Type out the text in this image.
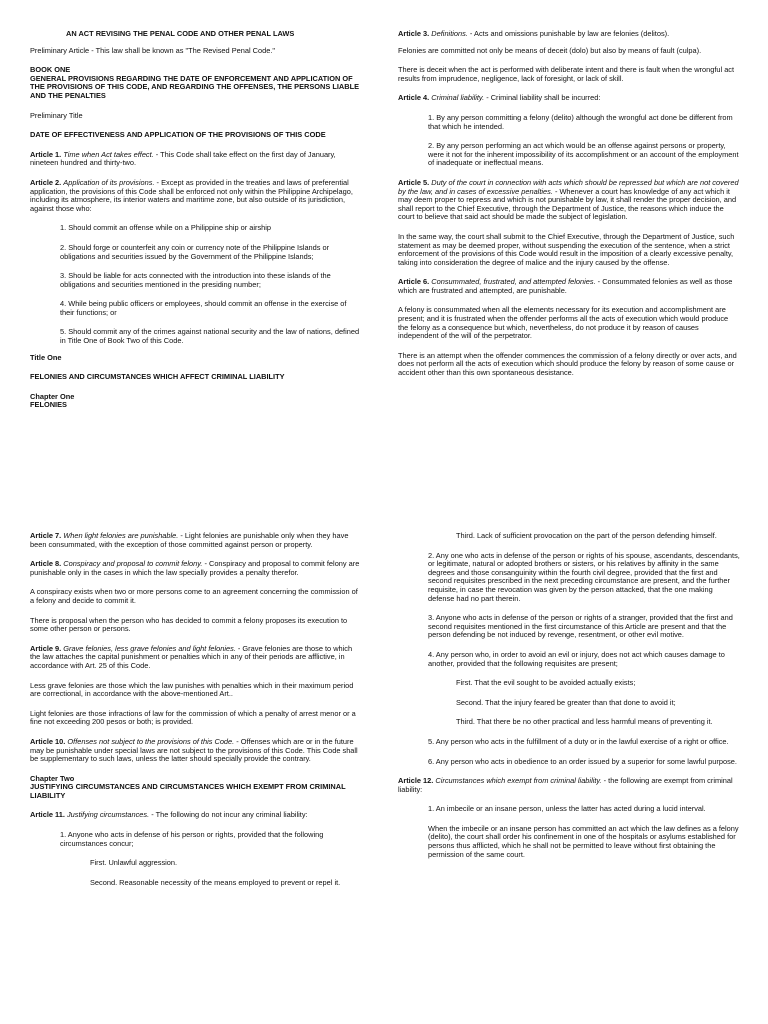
AN ACT REVISING THE PENAL CODE AND OTHER PENAL LAWS

Preliminary Article - This law shall be known as "The Revised Penal Code."

BOOK ONE

GENERAL PROVISIONS REGARDING THE DATE OF ENFORCEMENT AND APPLICATION OF THE PROVISIONS OF THIS CODE, AND REGARDING THE OFFENSES, THE PERSONS LIABLE AND THE PENALTIES

Preliminary Title

DATE OF EFFECTIVENESS AND APPLICATION OF THE PROVISIONS OF THIS CODE

Article 1. Time when Act takes effect. - This Code shall take effect on the first day of January, nineteen hundred and thirty-two.

Article 2. Application of its provisions. - Except as provided in the treaties and laws of preferential application, the provisions of this Code shall be enforced not only within the Philippine Archipelago, including its atmosphere, its interior waters and maritime zone, but also outside of its jurisdiction, against those who:

1. Should commit an offense while on a Philippine ship or airship

2. Should forge or counterfeit any coin or currency note of the Philippine Islands or obligations and securities issued by the Government of the Philippine Islands;

3. Should be liable for acts connected with the introduction into these islands of the obligations and securities mentioned in the presiding number;

4. While being public officers or employees, should commit an offense in the exercise of their functions; or

5. Should commit any of the crimes against national security and the law of nations, defined in Title One of Book Two of this Code.

Title One

FELONIES AND CIRCUMSTANCES WHICH AFFECT CRIMINAL LIABILITY

Chapter One

FELONIES

Article 3. Definitions. - Acts and omissions punishable by law are felonies (delitos).

Felonies are committed not only be means of deceit (dolo) but also by means of fault (culpa).

There is deceit when the act is performed with deliberate intent and there is fault when the wrongful act results from imprudence, negligence, lack of foresight, or lack of skill.

Article 4. Criminal liability. - Criminal liability shall be incurred:

1. By any person committing a felony (delito) although the wrongful act done be different from that which he intended.

2. By any person performing an act which would be an offense against persons or property, were it not for the inherent impossibility of its accomplishment or an account of the employment of inadequate or ineffectual means.

Article 5. Duty of the court in connection with acts which should be repressed but which are not covered by the law, and in cases of excessive penalties. - Whenever a court has knowledge of any act which it may deem proper to repress and which is not punishable by law, it shall render the proper decision, and shall report to the Chief Executive, through the Department of Justice, the reasons which induce the court to believe that said act should be made the subject of legislation.

In the same way, the court shall submit to the Chief Executive, through the Department of Justice, such statement as may be deemed proper, without suspending the execution of the sentence, when a strict enforcement of the provisions of this Code would result in the imposition of a clearly excessive penalty, taking into consideration the degree of malice and the injury caused by the offense.

Article 6. Consummated, frustrated, and attempted felonies. - Consummated felonies as well as those which are frustrated and attempted, are punishable.

A felony is consummated when all the elements necessary for its execution and accomplishment are present; and it is frustrated when the offender performs all the acts of execution which would produce the felony as a consequence but which, nevertheless, do not produce it by reason of causes independent of the will of the perpetrator.

There is an attempt when the offender commences the commission of a felony directly or over acts, and does not perform all the acts of execution which should produce the felony by reason of some cause or accident other than this own spontaneous desistance.

Article 7. When light felonies are punishable. - Light felonies are punishable only when they have been consummated, with the exception of those committed against person or property.

Article 8. Conspiracy and proposal to commit felony. - Conspiracy and proposal to commit felony are punishable only in the cases in which the law specially provides a penalty therefor.

A conspiracy exists when two or more persons come to an agreement concerning the commission of a felony and decide to commit it.

There is proposal when the person who has decided to commit a felony proposes its execution to some other person or persons.

Article 9. Grave felonies, less grave felonies and light felonies. - Grave felonies are those to which the law attaches the capital punishment or penalties which in any of their periods are afflictive, in accordance with Art. 25 of this Code.

Less grave felonies are those which the law punishes with penalties which in their maximum period are correctional, in accordance with the above-mentioned Art..

Light felonies are those infractions of law for the commission of which a penalty of arrest menor or a fine not exceeding 200 pesos or both; is provided.

Article 10. Offenses not subject to the provisions of this Code. - Offenses which are or in the future may be punishable under special laws are not subject to the provisions of this Code. This Code shall be supplementary to such laws, unless the latter should specially provide the contrary.

Chapter Two

JUSTIFYING CIRCUMSTANCES AND CIRCUMSTANCES WHICH EXEMPT FROM CRIMINAL LIABILITY

Article 11. Justifying circumstances. - The following do not incur any criminal liability:

1. Anyone who acts in defense of his person or rights, provided that the following circumstances concur;

First. Unlawful aggression.

Second. Reasonable necessity of the means employed to prevent or repel it.

Third. Lack of sufficient provocation on the part of the person defending himself.

2. Any one who acts in defense of the person or rights of his spouse, ascendants, descendants, or legitimate, natural or adopted brothers or sisters, or his relatives by affinity in the same degrees and those consanguinity within the fourth civil degree, provided that the first and second requisites prescribed in the next preceding circumstance are present, and the further requisite, in case the revocation was given by the person attacked, that the one making defense had no part therein.

3. Anyone who acts in defense of the person or rights of a stranger, provided that the first and second requisites mentioned in the first circumstance of this Article are present and that the person defending be not induced by revenge, resentment, or other evil motive.

4. Any person who, in order to avoid an evil or injury, does not act which causes damage to another, provided that the following requisites are present;

First. That the evil sought to be avoided actually exists;

Second. That the injury feared be greater than that done to avoid it;

Third. That there be no other practical and less harmful means of preventing it.

5. Any person who acts in the fulfillment of a duty or in the lawful exercise of a right or office.

6. Any person who acts in obedience to an order issued by a superior for some lawful purpose.

Article 12. Circumstances which exempt from criminal liability. - the following are exempt from criminal liability:

1. An imbecile or an insane person, unless the latter has acted during a lucid interval.

When the imbecile or an insane person has committed an act which the law defines as a felony (delito), the court shall order his confinement in one of the hospitals or asylums established for persons thus afflicted, which he shall not be permitted to leave without first obtaining the permission of the same court.
